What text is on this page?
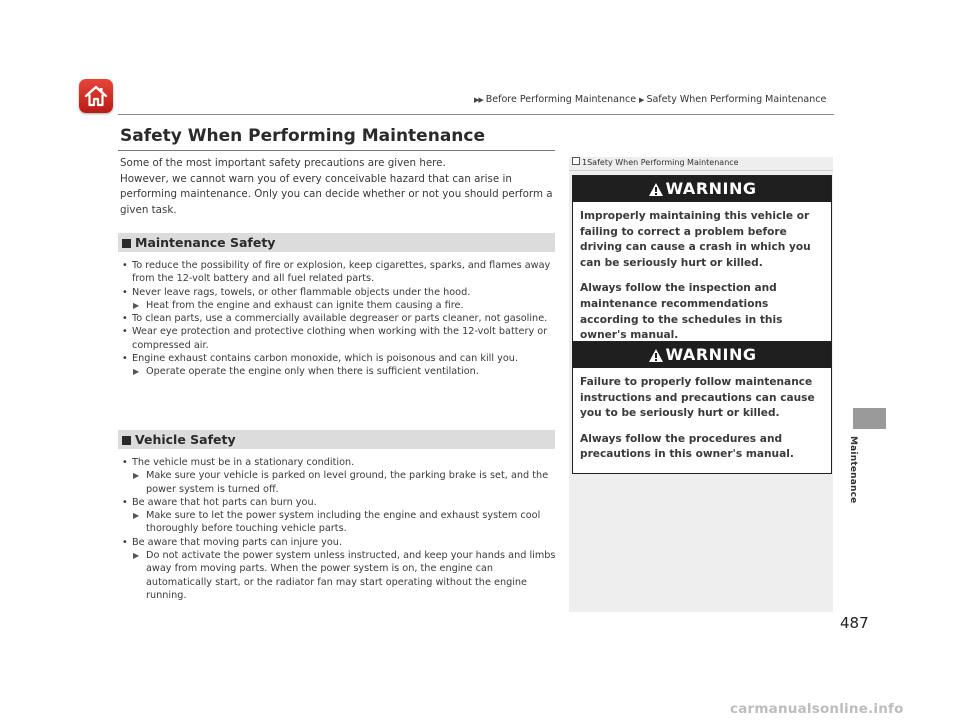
▶▶ Before Performing Maintenance ▶ Safety When Performing Maintenance
Safety When Performing Maintenance

Some of the most important safety precautions are given here.

However, we cannot warn you of every conceivable hazard that can arise in performing maintenance. Only you can decide whether or not you should perform a given task.

Maintenance Safety
• To reduce the possibility of fire or explosion, keep cigarettes, sparks, and flames away from the 12-volt battery and all fuel related parts.
• Never leave rags, towels, or other flammable objects under the hood.
▶ Heat from the engine and exhaust can ignite them causing a fire.
• To clean parts, use a commercially available degreaser or parts cleaner, not gasoline.
• Wear eye protection and protective clothing when working with the 12-volt battery or compressed air.
• Engine exhaust contains carbon monoxide, which is poisonous and can kill you.
▶ Operate operate the engine only when there is sufficient ventilation.
Vehicle Safety
• The vehicle must be in a stationary condition.
▶ Make sure your vehicle is parked on level ground, the parking brake is set, and the power system is turned off.
• Be aware that hot parts can burn you.
▶ Make sure to let the power system including the engine and exhaust system cool thoroughly before touching vehicle parts.
• Be aware that moving parts can injure you.
▶ Do not activate the power system unless instructed, and keep your hands and limbs away from moving parts. When the power system is on, the engine can automatically start, or the radiator fan may start operating without the engine running.
1Safety When Performing Maintenance
WARNING

Improperly maintaining this vehicle or failing to correct a problem before driving can cause a crash in which you can be seriously hurt or killed.

Always follow the inspection and maintenance recommendations according to the schedules in this owner's manual.

WARNING

Failure to properly follow maintenance instructions and precautions can cause you to be seriously hurt or killed.

Always follow the procedures and precautions in this owner's manual.	Maintenance
487
carmanualsonline.info
